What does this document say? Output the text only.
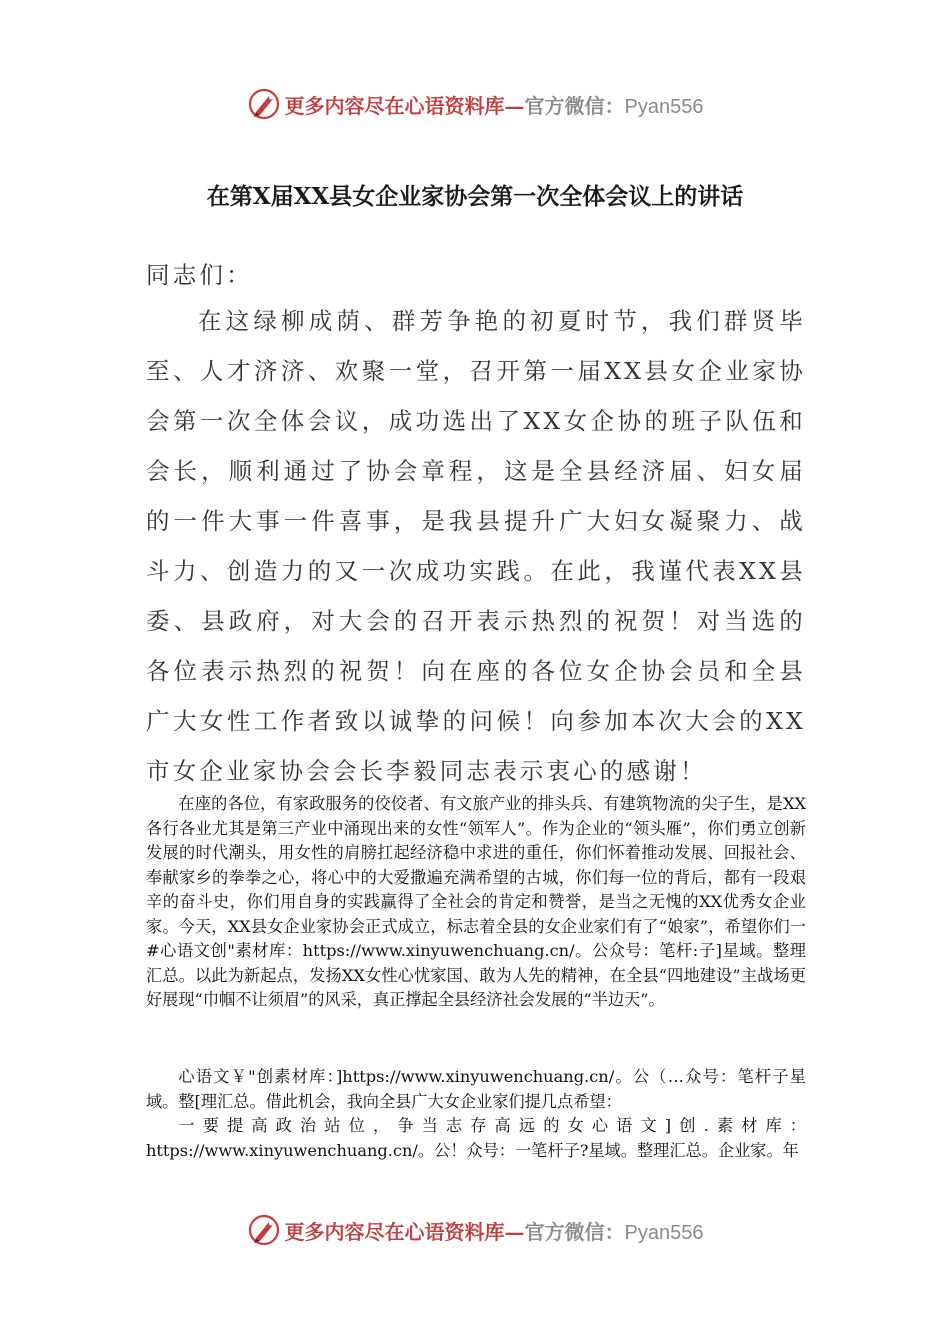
更多内容尽在心语资料库—官方微信：Pyan556
在第X届XX县女企业家协会第一次全体会议上的讲话
同志们：
在这绿柳成荫、群芳争艳的初夏时节，我们群贤毕至、人才济济、欢聚一堂，召开第一届XX县女企业家协会第一次全体会议，成功选出了XX女企协的班子队伍和会长，顺利通过了协会章程，这是全县经济届、妇女届的一件大事一件喜事，是我县提升广大妇女凝聚力、战斗力、创造力的又一次成功实践。在此，我谨代表XX县委、县政府，对大会的召开表示热烈的祝贺！对当选的各位表示热烈的祝贺！向在座的各位女企协会员和全县广大女性工作者致以诚挚的问候！向参加本次大会的XX市女企业家协会会长李毅同志表示衷心的感谢！
在座的各位，有家政服务的佼佼者、有文旅产业的排头兵、有建筑物流的尖子生，是XX各行各业尤其是第三产业中涌现出来的女性“领军人”。作为企业的“领头雁”，你们勇立创新发展的时代潮头，用女性的肩膀扛起经济稳中求进的重任，你们怀着推动发展、回报社会、奉献家乡的拳拳之心，将心中的大爱撒遍充满希望的古城，你们每一位的背后，都有一段艰辛的奋斗史，你们用自身的实践赢得了全社会的肯定和赞誉，是当之无愧的XX优秀女企业家。今天，XX县女企业家协会正式成立，标志着全县的女企业家们有了“娘家”，希望你们一#心语文创"素材库：https://www.xinyuwenchuang.cn/。公众号：笔杆:子]星域。整理汇总。以此为新起点，发扬XX女性心忧家国、敢为人先的精神，在全县“四地建设”主战场更好展现“巾帼不让须眉”的风采，真正撑起全县经济社会发展的“半边天”。
心语文￥"创素材库：]https://www.xinyuwenchuang.cn/。公（…众号：笔杆子星域。整[理汇总。借此机会，我向全县广大女企业家们提几点希望：
一要提高政治站位，争当志存高远的女心语文]创.素材库：https://www.xinyuwenchuang.cn/。公！众号：一笔杆子?星域。整理汇总。企业家。年
更多内容尽在心语资料库—官方微信：Pyan556
